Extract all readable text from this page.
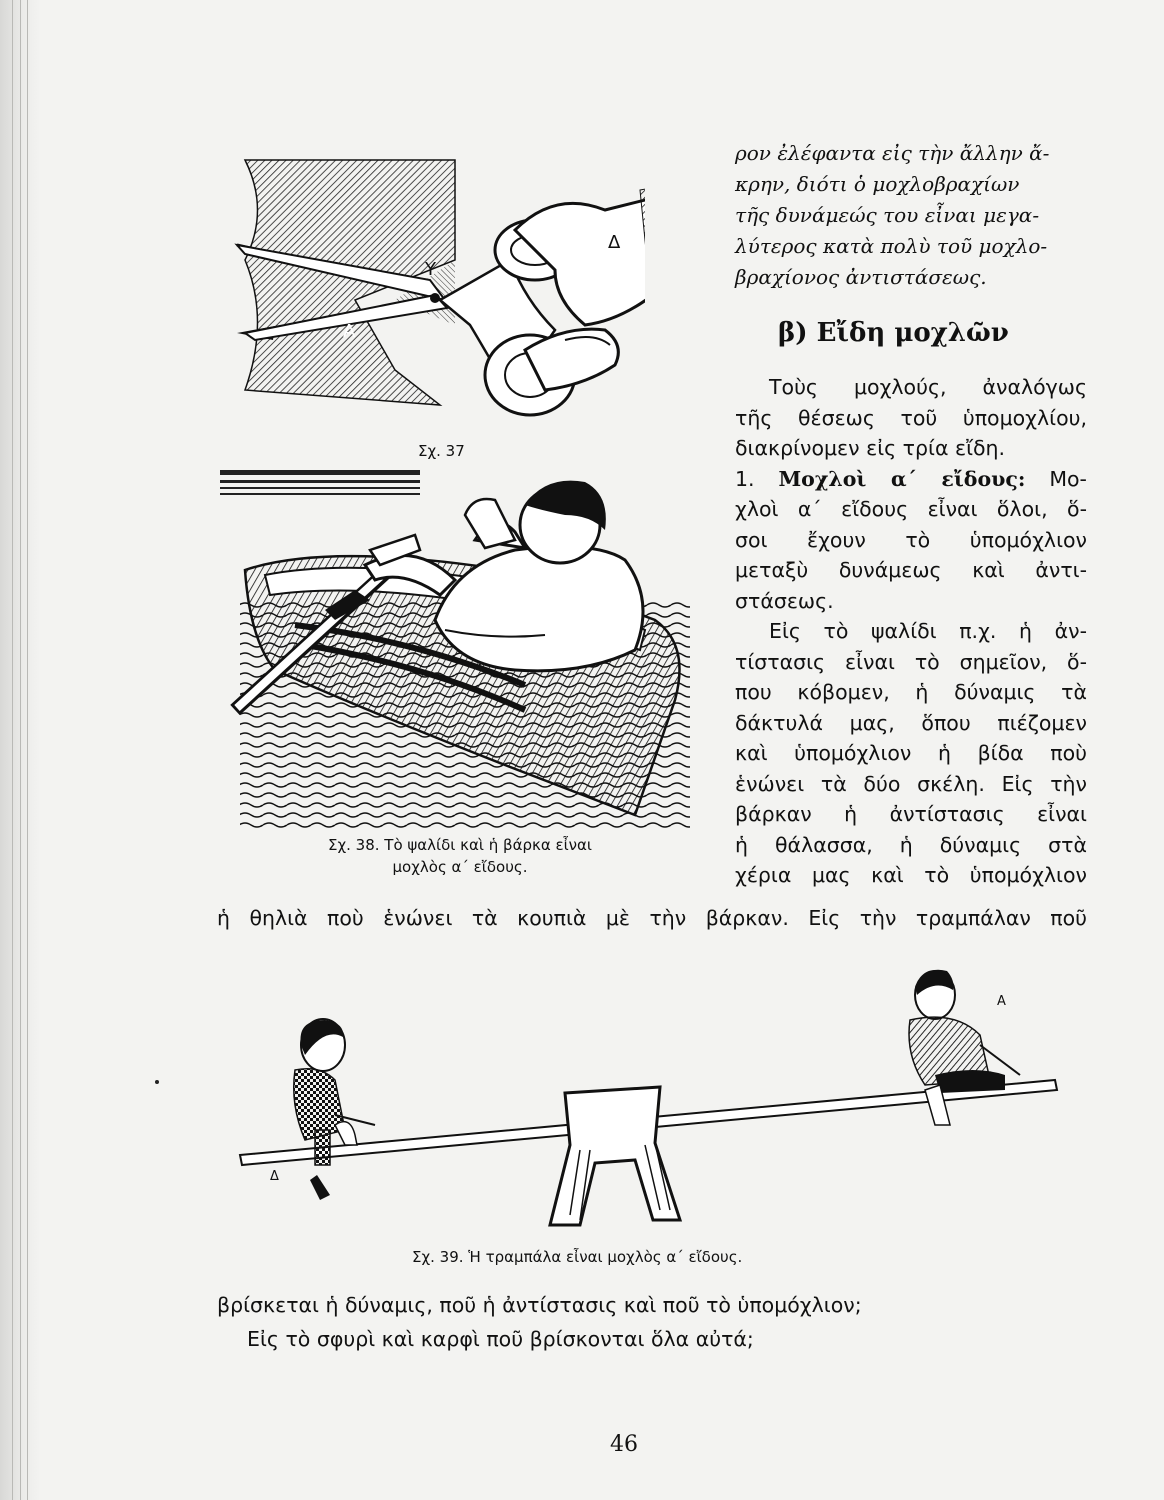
Υ
Α
Δ
Σχ. 37
Σχ. 38. Τὸ ψαλίδι καὶ ἡ βάρκα εἶναι
μοχλὸς α΄ εἴδους.
ρον ἐλέφαντα εἰς τὴν ἄλλην ἄ-
κρην, διότι ὁ μοχλοβραχίων
τῆς δυνάμεώς του εἶναι μεγα-
λύτερος κατὰ πολὺ τοῦ μοχλο-
βραχίονος ἀντιστάσεως.
β) Εἴδη μοχλῶν
Τοὺς μοχλούς, ἀναλόγως
τῆς θέσεως τοῦ ὑπομοχλίου,
διακρίνομεν εἰς τρία εἴδη.
1. Μοχλοὶ α΄ εἴδους: Μο-
χλοὶ α΄ εἴδους εἶναι ὅλοι, ὅ-
σοι ἔχουν τὸ ὑπομόχλιον
μεταξὺ δυνάμεως καὶ ἀντι-
στάσεως.
Εἰς τὸ ψαλίδι π.χ. ἡ ἀν-
τίστασις εἶναι τὸ σημεῖον, ὅ-
που κόβομεν, ἡ δύναμις τὰ
δάκτυλά μας, ὅπου πιέζομεν
καὶ ὑπομόχλιον ἡ βίδα ποὺ
ἑνώνει τὰ δύο σκέλη. Εἰς τὴν
βάρκαν ἡ ἀντίστασις εἶναι
ἡ θάλασσα, ἡ δύναμις στὰ
χέρια μας καὶ τὸ ὑπομόχλιον
ἡ θηλιὰ ποὺ ἑνώνει τὰ κουπιὰ μὲ τὴν βάρκαν. Εἰς τὴν τραμπάλαν ποῦ
Δ
Α
Σχ. 39. Ἡ τραμπάλα εἶναι μοχλὸς α΄ εἴδους.
βρίσκεται ἡ δύναμις, ποῦ ἡ ἀντίστασις καὶ ποῦ τὸ ὑπομόχλιον;
Εἰς τὸ σφυρὶ καὶ καρφὶ ποῦ βρίσκονται ὅλα αὐτά;
46
